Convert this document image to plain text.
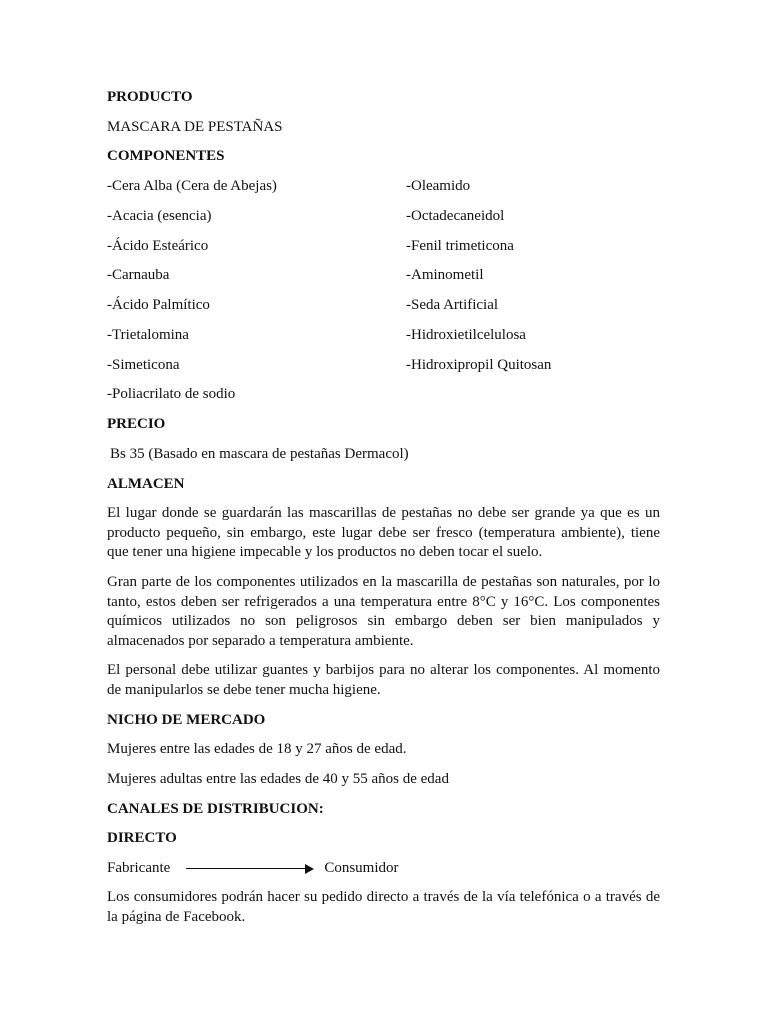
PRODUCTO

MASCARA DE PESTAÑAS

COMPONENTES

-Cera Alba (Cera de Abejas)	-Oleamido
-Acacia (esencia)	-Octadecaneidol
-Ácido Esteárico	-Fenil trimeticona
-Carnauba	-Aminometil
-Ácido Palmítico	-Seda Artificial
-Trietalomina	-Hidroxietilcelulosa
-Simeticona	-Hidroxipropil Quitosan
-Poliacrilato de sodio

PRECIO

Bs 35 (Basado en mascara de pestañas Dermacol)

ALMACEN

El lugar donde se guardarán las mascarillas de pestañas no debe ser grande ya que es un producto pequeño, sin embargo, este lugar debe ser fresco (temperatura ambiente), tiene que tener una higiene impecable y los productos no deben tocar el suelo.

Gran parte de los componentes utilizados en la mascarilla de pestañas son naturales, por lo tanto, estos deben ser refrigerados a una temperatura entre 8°C y 16°C. Los componentes químicos utilizados no son peligrosos sin embargo deben ser bien manipulados y almacenados por separado a temperatura ambiente.

El personal debe utilizar guantes y barbijos para no alterar los componentes. Al momento de manipularlos se debe tener mucha higiene.

NICHO DE MERCADO

Mujeres entre las edades de 18 y 27 años de edad.

Mujeres adultas entre las edades de 40 y 55 años de edad

CANALES DE DISTRIBUCION:

DIRECTO

Fabricante	Consumidor

Los consumidores podrán hacer su pedido directo a través de la vía telefónica o a través de la página de Facebook.
